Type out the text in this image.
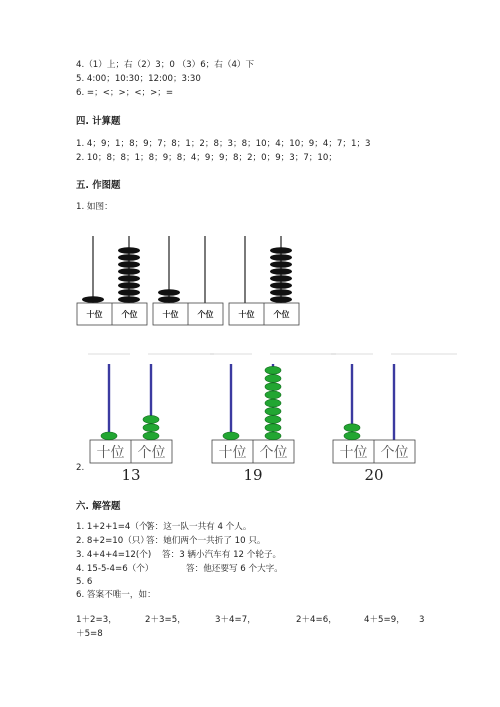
4.（1）上；右（2）3；0 （3）6；右（4）下
5. 4:00；10:30；12:00；3:30
6. =；<；>；<；>；=
四. 计算题
1. 4；9；1；8；9；7；8；1；2；8；3；8；10；4；10；9；4；7；1；3
2. 10；8；8；1；8；9；8；4；9；9；8；2；0；9；3；7；10；
五. 作图题
1. 如图：
十位 个位	十位 个位	十位 个位
十位 个位
13
十位 个位
19
十位 个位
20
2.
六. 解答题
1. 1+2+1=4（个）
答：这一队一共有 4 个人。
2. 8+2=10（只）
答：她们两个一共折了 10 只。
3. 4+4+4=12(个) 答：3 辆小汽车有 12 个轮子。
4. 15-5-4=6（个）	答：他还要写 6 个大字。
5. 6
6. 答案不唯一，如：
1＋2=3，	2＋3=5，	3＋4=7，	2＋4=6，	4＋5=9， 3
＋5=8
